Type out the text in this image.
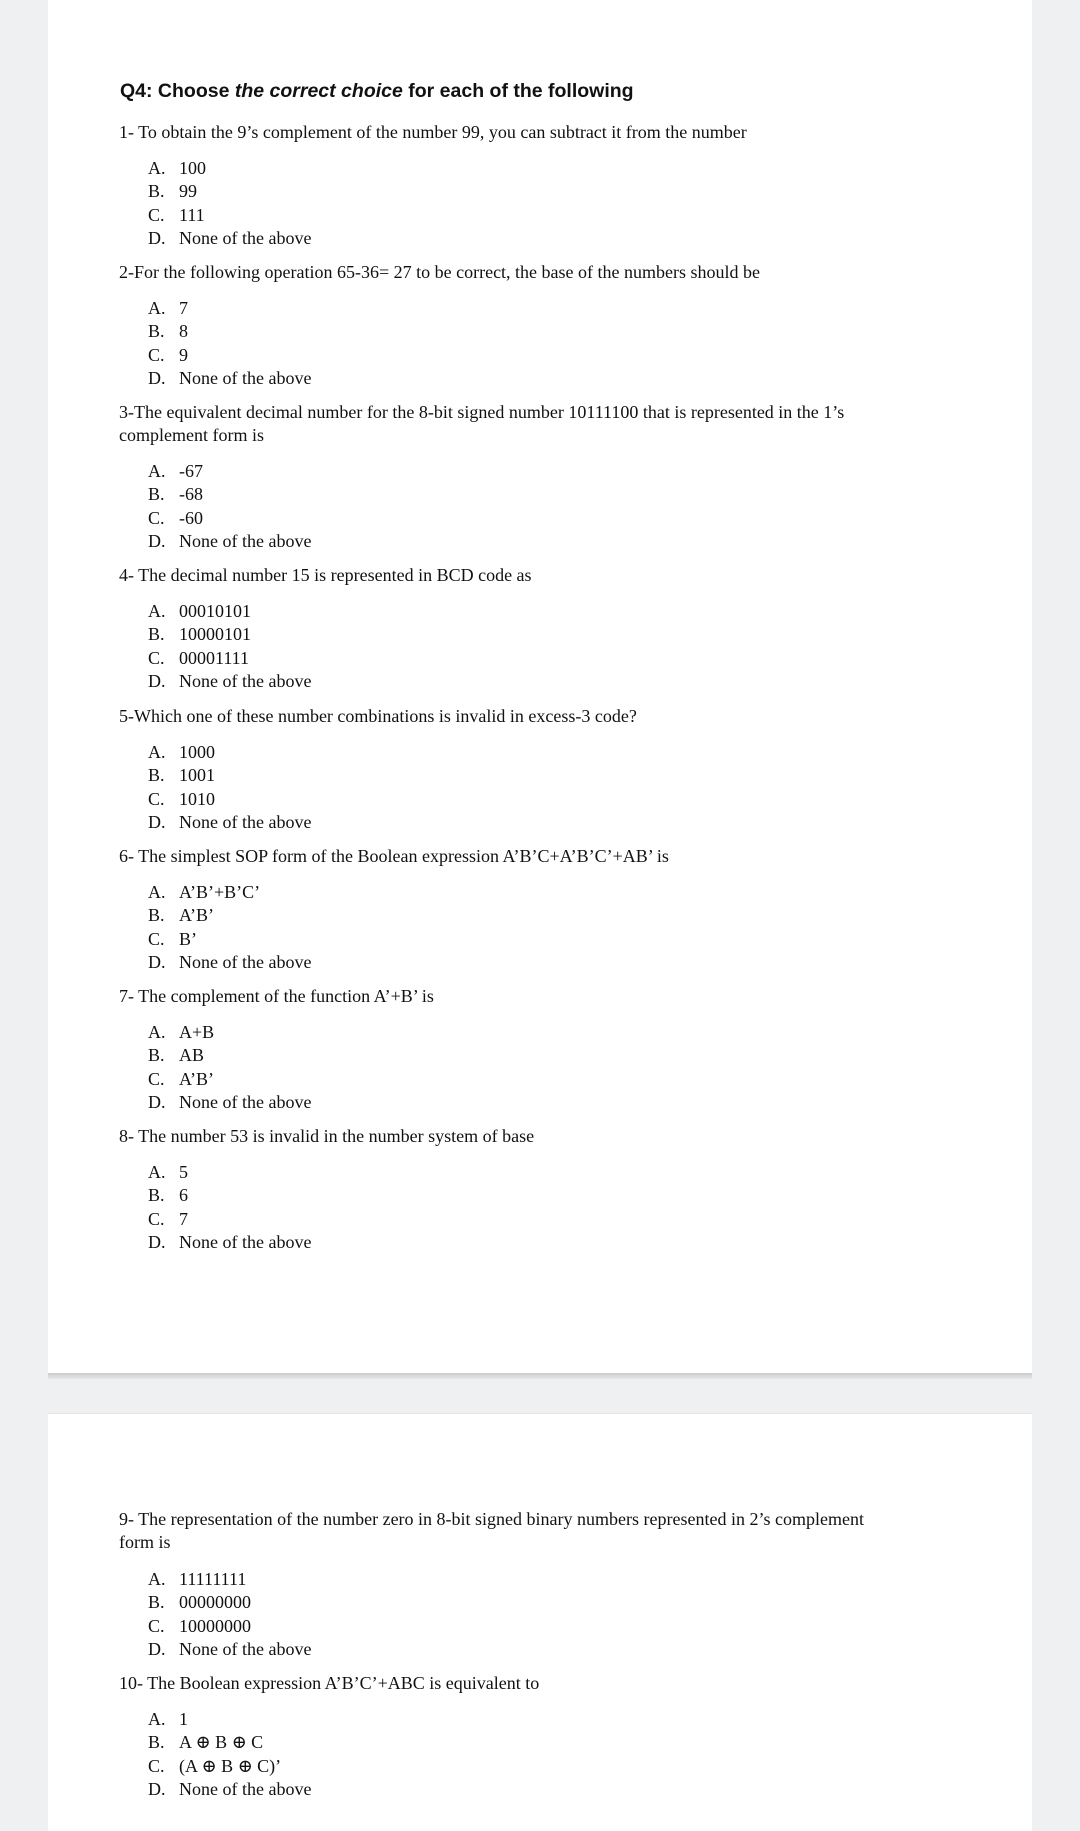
Q4: Choose the correct choice for each of the following
1- To obtain the 9’s complement of the number 99, you can subtract it from the number
A. 100
B. 99
C. 111
D. None of the above
2-For the following operation 65-36= 27 to be correct, the base of the numbers should be
A. 7
B. 8
C. 9
D. None of the above
3-The equivalent decimal number for the 8-bit signed number 10111100 that is represented in the 1’s complement form is
A. -67
B. -68
C. -60
D. None of the above
4- The decimal number 15 is represented in BCD code as
A. 00010101
B. 10000101
C. 00001111
D. None of the above
5-Which one of these number combinations is invalid in excess-3 code?
A. 1000
B. 1001
C. 1010
D. None of the above
6- The simplest SOP form of the Boolean expression A’B’C+A’B’C’+AB’ is
A. A’B’+B’C’
B. A’B’
C. B’
D. None of the above
7- The complement of the function A’+B’ is
A. A+B
B. AB
C. A’B’
D. None of the above
8- The number 53 is invalid in the number system of base
A. 5
B. 6
C. 7
D. None of the above
9- The representation of the number zero in 8-bit signed binary numbers represented in 2’s complement form is
A. 11111111
B. 00000000
C. 10000000
D. None of the above
10- The Boolean expression A’B’C’+ABC is equivalent to
A. 1
B. A ⊕ B ⊕ C
C. (A ⊕ B ⊕ C)’
D. None of the above
